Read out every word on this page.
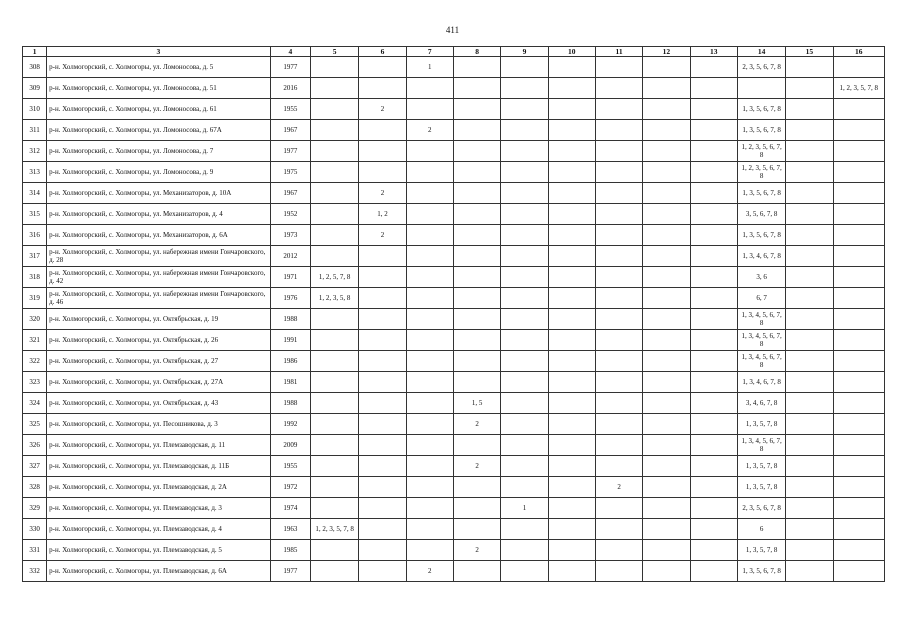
411
1	3	4	5	6	7	8	9	10	11	12	13	14	15	16
308	р-н. Холмогорский, с. Холмогоры, ул. Ломоносова, д. 5	1977			1							2, 3, 5, 6, 7, 8		
309	р-н. Холмогорский, с. Холмогоры, ул. Ломоносова, д. 51	2016												1, 2, 3, 5, 7, 8
310	р-н. Холмогорский, с. Холмогоры, ул. Ломоносова, д. 61	1955		2								1, 3, 5, 6, 7, 8		
311	р-н. Холмогорский, с. Холмогоры, ул. Ломоносова, д. 67А	1967			2							1, 3, 5, 6, 7, 8		
312	р-н. Холмогорский, с. Холмогоры, ул. Ломоносова, д. 7	1977										1, 2, 3, 5, 6, 7, 8		
313	р-н. Холмогорский, с. Холмогоры, ул. Ломоносова, д. 9	1975										1, 2, 3, 5, 6, 7, 8		
314	р-н. Холмогорский, с. Холмогоры, ул. Механизаторов, д. 10А	1967		2								1, 3, 5, 6, 7, 8		
315	р-н. Холмогорский, с. Холмогоры, ул. Механизаторов, д. 4	1952		1, 2								3, 5, 6, 7, 8		
316	р-н. Холмогорский, с. Холмогоры, ул. Механизаторов, д. 6А	1973		2								1, 3, 5, 6, 7, 8		
317	р-н. Холмогорский, с. Холмогоры, ул. набережная имени Гончаровского, д. 28	2012										1, 3, 4, 6, 7, 8		
318	р-н. Холмогорский, с. Холмогоры, ул. набережная имени Гончаровского, д. 42	1971	1, 2, 5, 7, 8									3, 6		
319	р-н. Холмогорский, с. Холмогоры, ул. набережная имени Гончаровского, д. 46	1976	1, 2, 3, 5, 8									6, 7		
320	р-н. Холмогорский, с. Холмогоры, ул. Октябрьская, д. 19	1988										1, 3, 4, 5, 6, 7, 8		
321	р-н. Холмогорский, с. Холмогоры, ул. Октябрьская, д. 26	1991										1, 3, 4, 5, 6, 7, 8		
322	р-н. Холмогорский, с. Холмогоры, ул. Октябрьская, д. 27	1986										1, 3, 4, 5, 6, 7, 8		
323	р-н. Холмогорский, с. Холмогоры, ул. Октябрьская, д. 27А	1981										1, 3, 4, 6, 7, 8		
324	р-н. Холмогорский, с. Холмогоры, ул. Октябрьская, д. 43	1988				1, 5						3, 4, 6, 7, 8		
325	р-н. Холмогорский, с. Холмогоры, ул. Песошникова, д. 3	1992				2						1, 3, 5, 7, 8		
326	р-н. Холмогорский, с. Холмогоры, ул. Племзаводская, д. 11	2009										1, 3, 4, 5, 6, 7, 8		
327	р-н. Холмогорский, с. Холмогоры, ул. Племзаводская, д. 11Б	1955				2						1, 3, 5, 7, 8		
328	р-н. Холмогорский, с. Холмогоры, ул. Племзаводская, д. 2А	1972							2			1, 3, 5, 7, 8		
329	р-н. Холмогорский, с. Холмогоры, ул. Племзаводская, д. 3	1974					1					2, 3, 5, 6, 7, 8		
330	р-н. Холмогорский, с. Холмогоры, ул. Племзаводская, д. 4	1963	1, 2, 3, 5, 7, 8									6		
331	р-н. Холмогорский, с. Холмогоры, ул. Племзаводская, д. 5	1985				2						1, 3, 5, 7, 8		
332	р-н. Холмогорский, с. Холмогоры, ул. Племзаводская, д. 6А	1977			2							1, 3, 5, 6, 7, 8		
